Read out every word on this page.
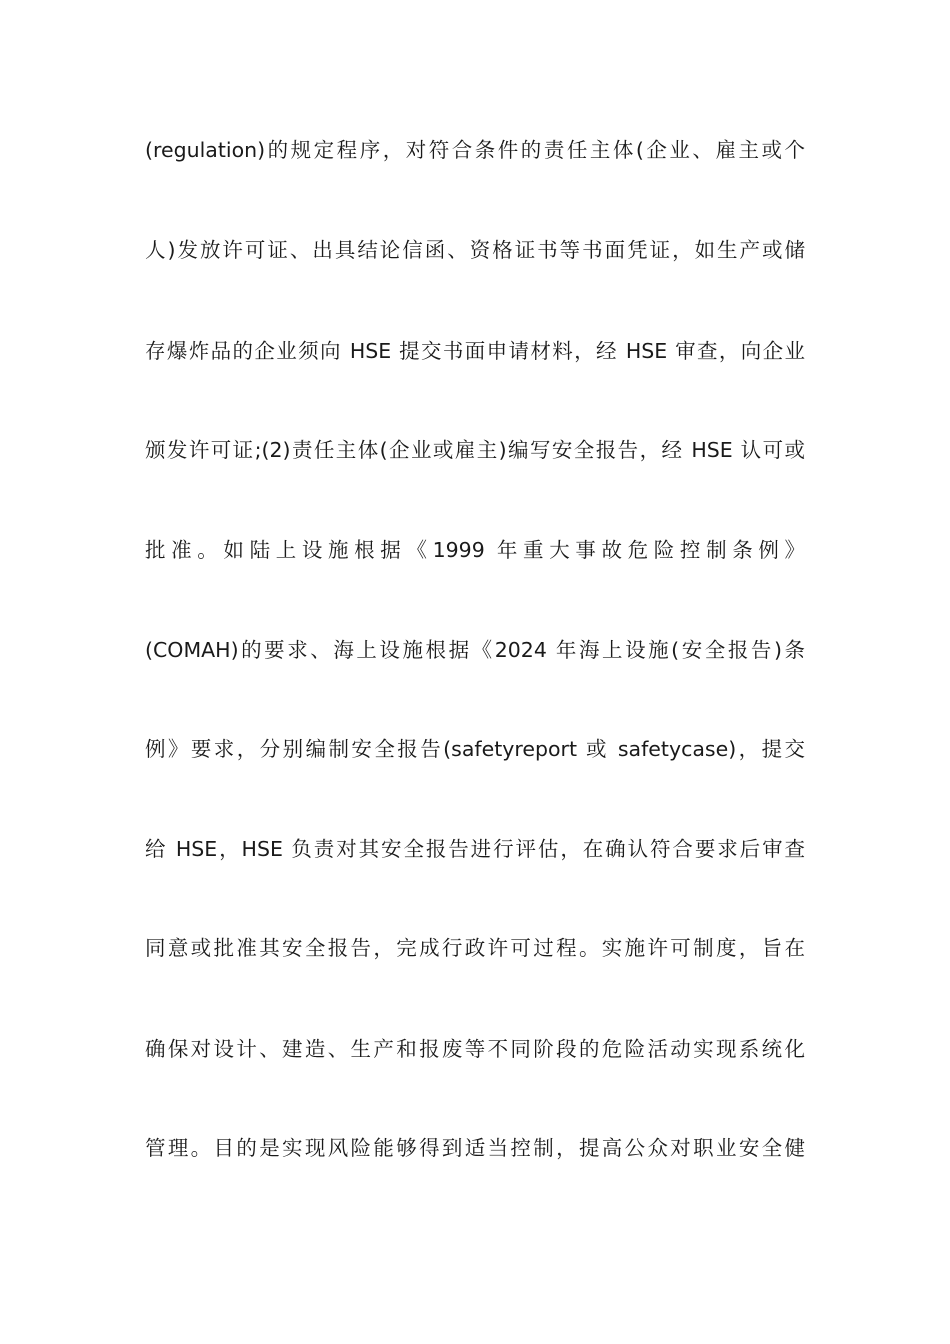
(regulation)的规定程序，对符合条件的责任主体(企业、雇主或个
人)发放许可证、出具结论信函、资格证书等书面凭证，如生产或储
存爆炸品的企业须向 HSE 提交书面申请材料，经 HSE 审查，向企业
颁发许可证;(2)责任主体(企业或雇主)编写安全报告，经 HSE 认可或
批准。如陆上设施根据《1999 年重大事故危险控制条例》
(COMAH)的要求、海上设施根据《2024 年海上设施(安全报告)条
例》要求，分别编制安全报告(safetyreport 或 safetycase)，提交
给 HSE，HSE 负责对其安全报告进行评估，在确认符合要求后审查
同意或批准其安全报告，完成行政许可过程。实施许可制度，旨在
确保对设计、建造、生产和报废等不同阶段的危险活动实现系统化
管理。目的是实现风险能够得到适当控制，提高公众对职业安全健
